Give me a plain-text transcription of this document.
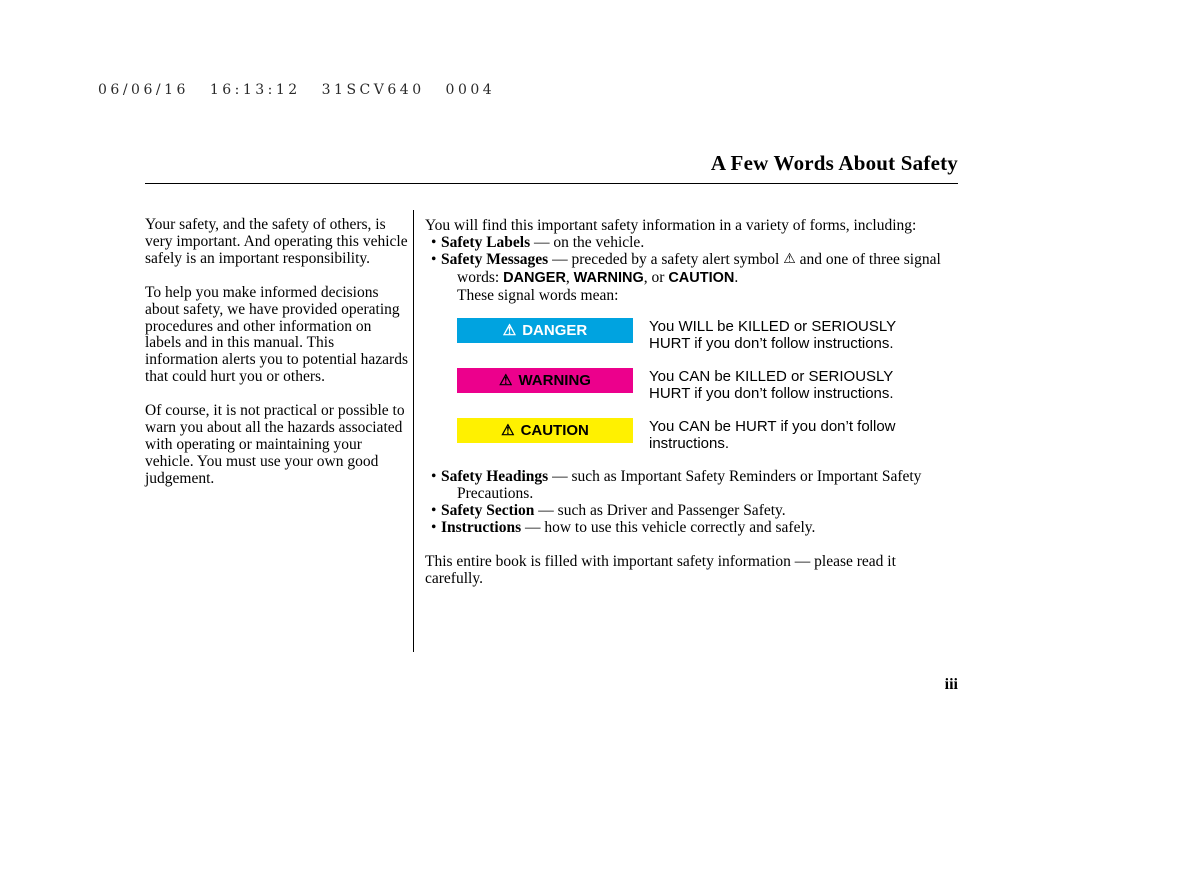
06/06/16 16:13:12 31SCV640 0004
A Few Words About Safety

Your safety, and the safety of others, is very important. And operating this vehicle safely is an important responsibility.

To help you make informed decisions about safety, we have provided operating procedures and other information on labels and in this manual. This information alerts you to potential hazards that could hurt you or others.

Of course, it is not practical or possible to warn you about all the hazards associated with operating or maintaining your vehicle. You must use your own good judgement.

You will find this important safety information in a variety of forms, including:

• Safety Labels — on the vehicle.

• Safety Messages — preceded by a safety alert symbol ⚠ and one of three signal words: DANGER, WARNING, or CAUTION.
These signal words mean:

⚠ DANGER	You WILL be KILLED or SERIOUSLY HURT if you don’t follow instructions.
⚠ WARNING	You CAN be KILLED or SERIOUSLY HURT if you don’t follow instructions.
⚠ CAUTION	You CAN be HURT if you don’t follow instructions.

• Safety Headings — such as Important Safety Reminders or Important Safety Precautions.

• Safety Section — such as Driver and Passenger Safety.

• Instructions — how to use this vehicle correctly and safely.

This entire book is filled with important safety information — please read it carefully.

iii
